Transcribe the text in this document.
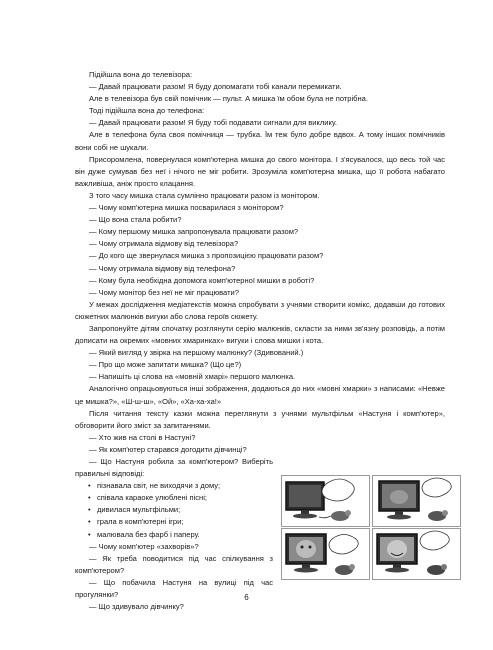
Підійшла вона до телевізора:

— Давай працювати разом! Я буду допомагати тобі канали перемикати.

Але в телевізора був свій помічник — пульт. А мишка їм обом була не потрібна.

Тоді підійшла вона до телефона:

— Давай працювати разом! Я буду тобі подавати сигнали для виклику.

Але в телефона була своя помічниця — трубка. Їм теж було добре вдвох. А томy інших помічників вони собі не шукали.

Присоромлена, повернулася комп'ютерна мишка до свого монітора. І з'ясувалося, що весь той час він дуже сумував без неї і нічого не міг робити. Зрозуміла комп'ютерна мишка, що її робота набагато важливіша, аніж просто клацання.

З того часу мишка стала сумлінно працювати разом із монітором.

— Чому комп'ютерна мишка посварилася з монітором?

— Що вона стала робити?

— Кому першому мишка запропонувала працювати разом?

— Чому отримала відмову від телевізора?

— До кого ще звернулася мишка з пропозицією працювати разом?

— Чому отримала відмову від телефона?

— Кому була необхідна допомога комп'ютерної мишки в роботі?

— Чому монітор без неї не міг працювати?

У межах дослідження медіатекстів можна спробувати з учнями створити комікс, додавши до готових сюжетних малюнків вигуки або слова героїв сюжету.

Запропонуйте дітям спочатку розглянути серію малюнків, скласти за ними зв'язну розповідь, а потім дописати на окремих «мовних хмаринках» вигуки і слова мишки і кота.

— Який вигляд у звірка на першому малюнку? (Здивований.)

— Про що може запитати мишка? (Що це?)

— Напишіть ці слова на «мовній хмарі» першого малюнка.

Аналогічно опрацьовуються інші зображення, додаються до них «мовні хмарки» з написами: «Невже це мишка?», «Ш-ш-ш», «Ой», «Ха-ха-ха!»

Після читання тексту казки можна переглянути з учнями мультфільм «Настуня і комп'ютер», обговорити його зміст за запитаннями.

— Хто жив на столі в Настуні?

— Як комп'ютер старався догодити дівчинці?

— Що Настуня робила за комп'ютером? Виберіть правильні відповіді:

• пізнавала світ, не виходячи з дому;

• співала караоке улюблені пісні;

• дивилася мультфільми;

• грала в комп'ютерні ігри;

• малювала без фарб і паперу.

— Чому комп'ютер «захворів»?

— Як треба поводитися під час спілкування з комп'ютером?

— Що побачила Настуня на вулиці під час прогулянки?

— Що здивувало дівчинку?

6
